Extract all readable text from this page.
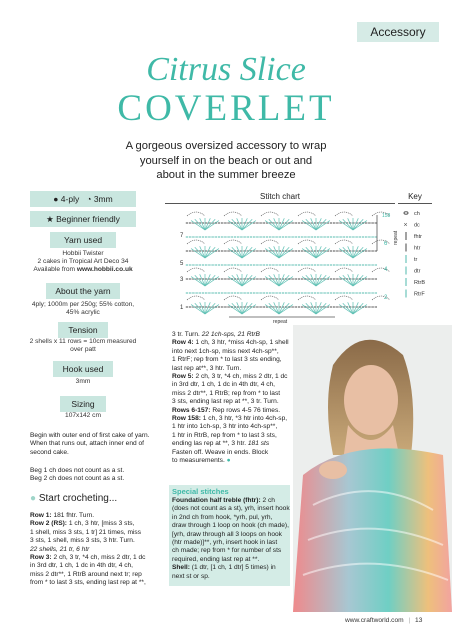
Accessory
Citrus Slice
COVERLET
A gorgeous oversized accessory to wrap
yourself in on the beach or out and
about in the summer breeze
● 4-ply ◔ 3mm
★ Beginner friendly
Yarn used
Hobbii Twister
2 cakes in Tropical Art Deco 34
Available from www.hobbii.co.uk
About the yarn
4ply; 1000m per 250g; 55% cotton,
45% acrylic
Tension
2 shells x 11 rows = 10cm measured
over patt
Hook used
3mm
Sizing
107x142 cm
Begin with outer end of first cake of yarn.
When that runs out, attach inner end of
second cake.
Beg 1 ch does not count as a st.
Beg 2 ch does not count as a st.
● Start crocheting...
Row 1: 181 fhtr. Turn.
Row 2 (RS): 1 ch, 3 htr, [miss 3 sts,
1 shell, miss 3 sts, 1 tr] 21 times, miss
3 sts, 1 shell, miss 3 sts, 3 htr. Turn.
22 shells, 21 tr, 6 htr
Row 3: 2 ch, 3 tr, *4 ch, miss 2 dtr, 1 dc
in 3rd dtr, 1 ch, 1 dc in 4th dtr, 4 ch,
miss 2 dtr**, 1 RtrB around next tr; rep
from * to last 3 sts, ending last rep at **,
Stitch chart	Key
7
5
3
1
158
6
4
2
repeat
repeat
ch
× dc
fhtr
htr
tr
dtr
RtrB
RtrF
3 tr. Turn. 22 1ch-sps, 21 RtrB
Row 4: 1 ch, 3 htr, *miss 4ch-sp, 1 shell
into next 1ch-sp, miss next 4ch-sp**,
1 RtrF; rep from * to last 3 sts ending,
last rep at**, 3 htr. Turn.
Row 5: 2 ch, 3 tr, *4 ch, miss 2 dtr, 1 dc
in 3rd dtr, 1 ch, 1 dc in 4th dtr, 4 ch,
miss 2 dtr**, 1 RtrB; rep from * to last
3 sts, ending last rep at **, 3 tr. Turn.
Rows 6-157: Rep rows 4-5 76 times.
Row 158: 1 ch, 3 htr, *3 htr into 4ch-sp,
1 htr into 1ch-sp, 3 htr into 4ch-sp**,
1 htr in RtrB, rep from * to last 3 sts,
ending las rep at **, 3 htr. 181 sts
Fasten off. Weave in ends. Block
to measurements. ●
Special stitches
Foundation half treble (fhtr): 2 ch
(does not count as a st), yrh, insert hook
in 2nd ch from hook, *yrh, pul, yrh,
draw through 1 loop on hook (ch made),
[yrh, draw through all 3 loops on hook
(htr made)]**, yrh, insert hook in last
ch made; rep from * for number of sts
required, ending last rep at **.
Shell: (1 dtr, [1 ch, 1 dtr] 5 times) in
next st or sp.
www.craftworld.com | 13
